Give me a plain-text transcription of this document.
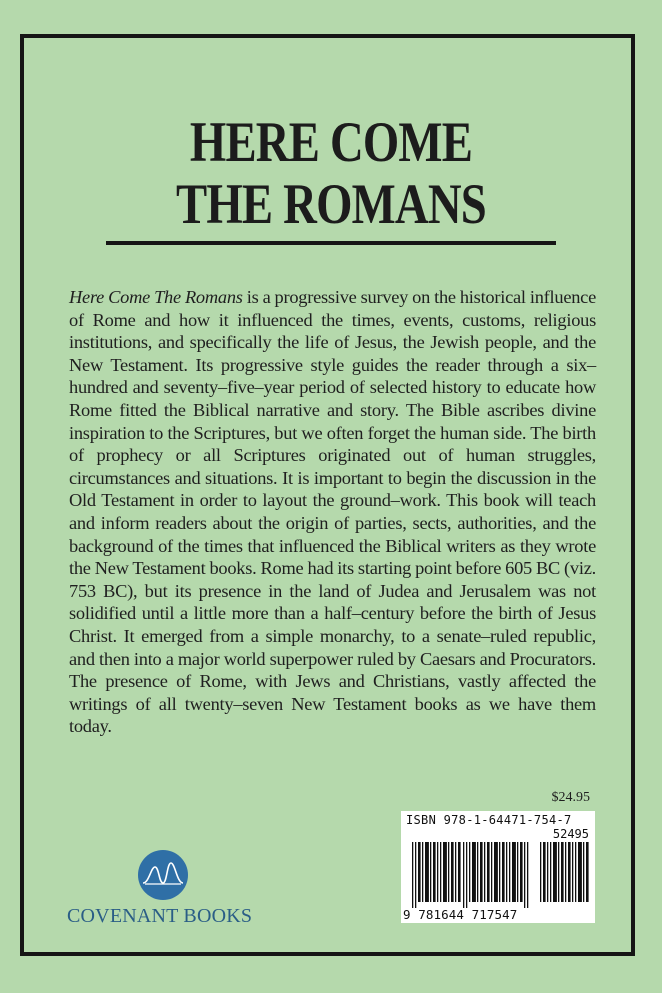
HERE COME
THE ROMANS

Here Come The Romans is a progressive survey on the historical influence of Rome and how it influenced the times, events, customs, religious institutions, and specifically the life of Jesus, the Jewish people, and the New Testament. Its progressive style guides the reader through a six–hundred and seventy–five–year period of selected history to educate how Rome fitted the Biblical narrative and story. The Bible ascribes divine inspiration to the Scriptures, but we often forget the human side. The birth of prophecy or all Scriptures originated out of human struggles, circumstances and situations. It is important to begin the discussion in the Old Testament in order to layout the ground–work. This book will teach and inform readers about the origin of parties, sects, authorities, and the background of the times that influenced the Biblical writers as they wrote the New Testament books. Rome had its starting point before 605 BC (viz. 753 BC), but its presence in the land of Judea and Jerusalem was not solidified until a little more than a half–century before the birth of Jesus Christ. It emerged from a simple monarchy, to a senate–ruled republic, and then into a major world superpower ruled by Caesars and Procurators. The presence of Rome, with Jews and Christians, vastly affected the writings of all twenty–seven New Testament books as we have them today.

$24.95
ISBN 978-1-64471-754-7
52495
9 781644 717547
COVENANT BOOKS
